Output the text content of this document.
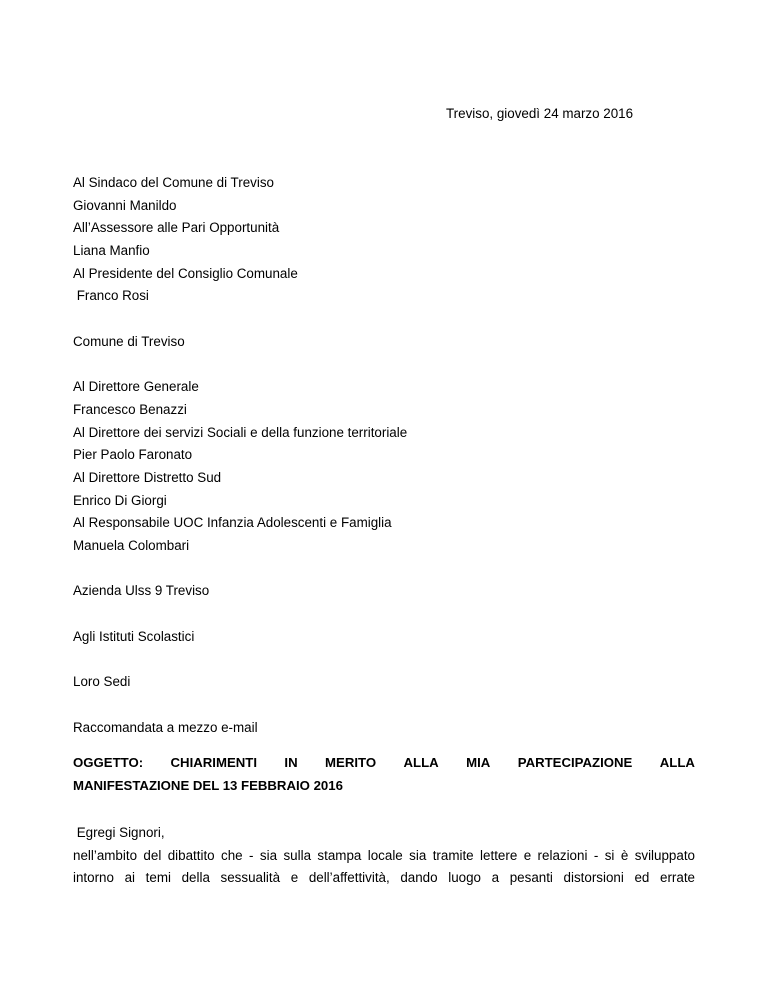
Treviso, giovedì 24 marzo 2016
Al Sindaco del Comune di Treviso
Giovanni Manildo
All’Assessore alle Pari Opportunità
Liana Manfio
Al Presidente del Consiglio Comunale
Franco Rosi
Comune di Treviso
Al Direttore Generale
Francesco Benazzi
Al Direttore dei servizi Sociali e della funzione territoriale
Pier Paolo Faronato
Al Direttore Distretto Sud
Enrico Di Giorgi
Al Responsabile UOC Infanzia Adolescenti e Famiglia
Manuela Colombari
Azienda Ulss 9 Treviso
Agli Istituti Scolastici
Loro Sedi
Raccomandata a mezzo e-mail
OGGETTO: CHIARIMENTI IN MERITO ALLA MIA PARTECIPAZIONE ALLA
MANIFESTAZIONE DEL 13 FEBBRAIO 2016

Egregi Signori,

nell’ambito del dibattito che - sia sulla stampa locale sia tramite lettere e relazioni - si è sviluppato

intorno ai temi della sessualità e dell’affettività, dando luogo a pesanti distorsioni ed errate
